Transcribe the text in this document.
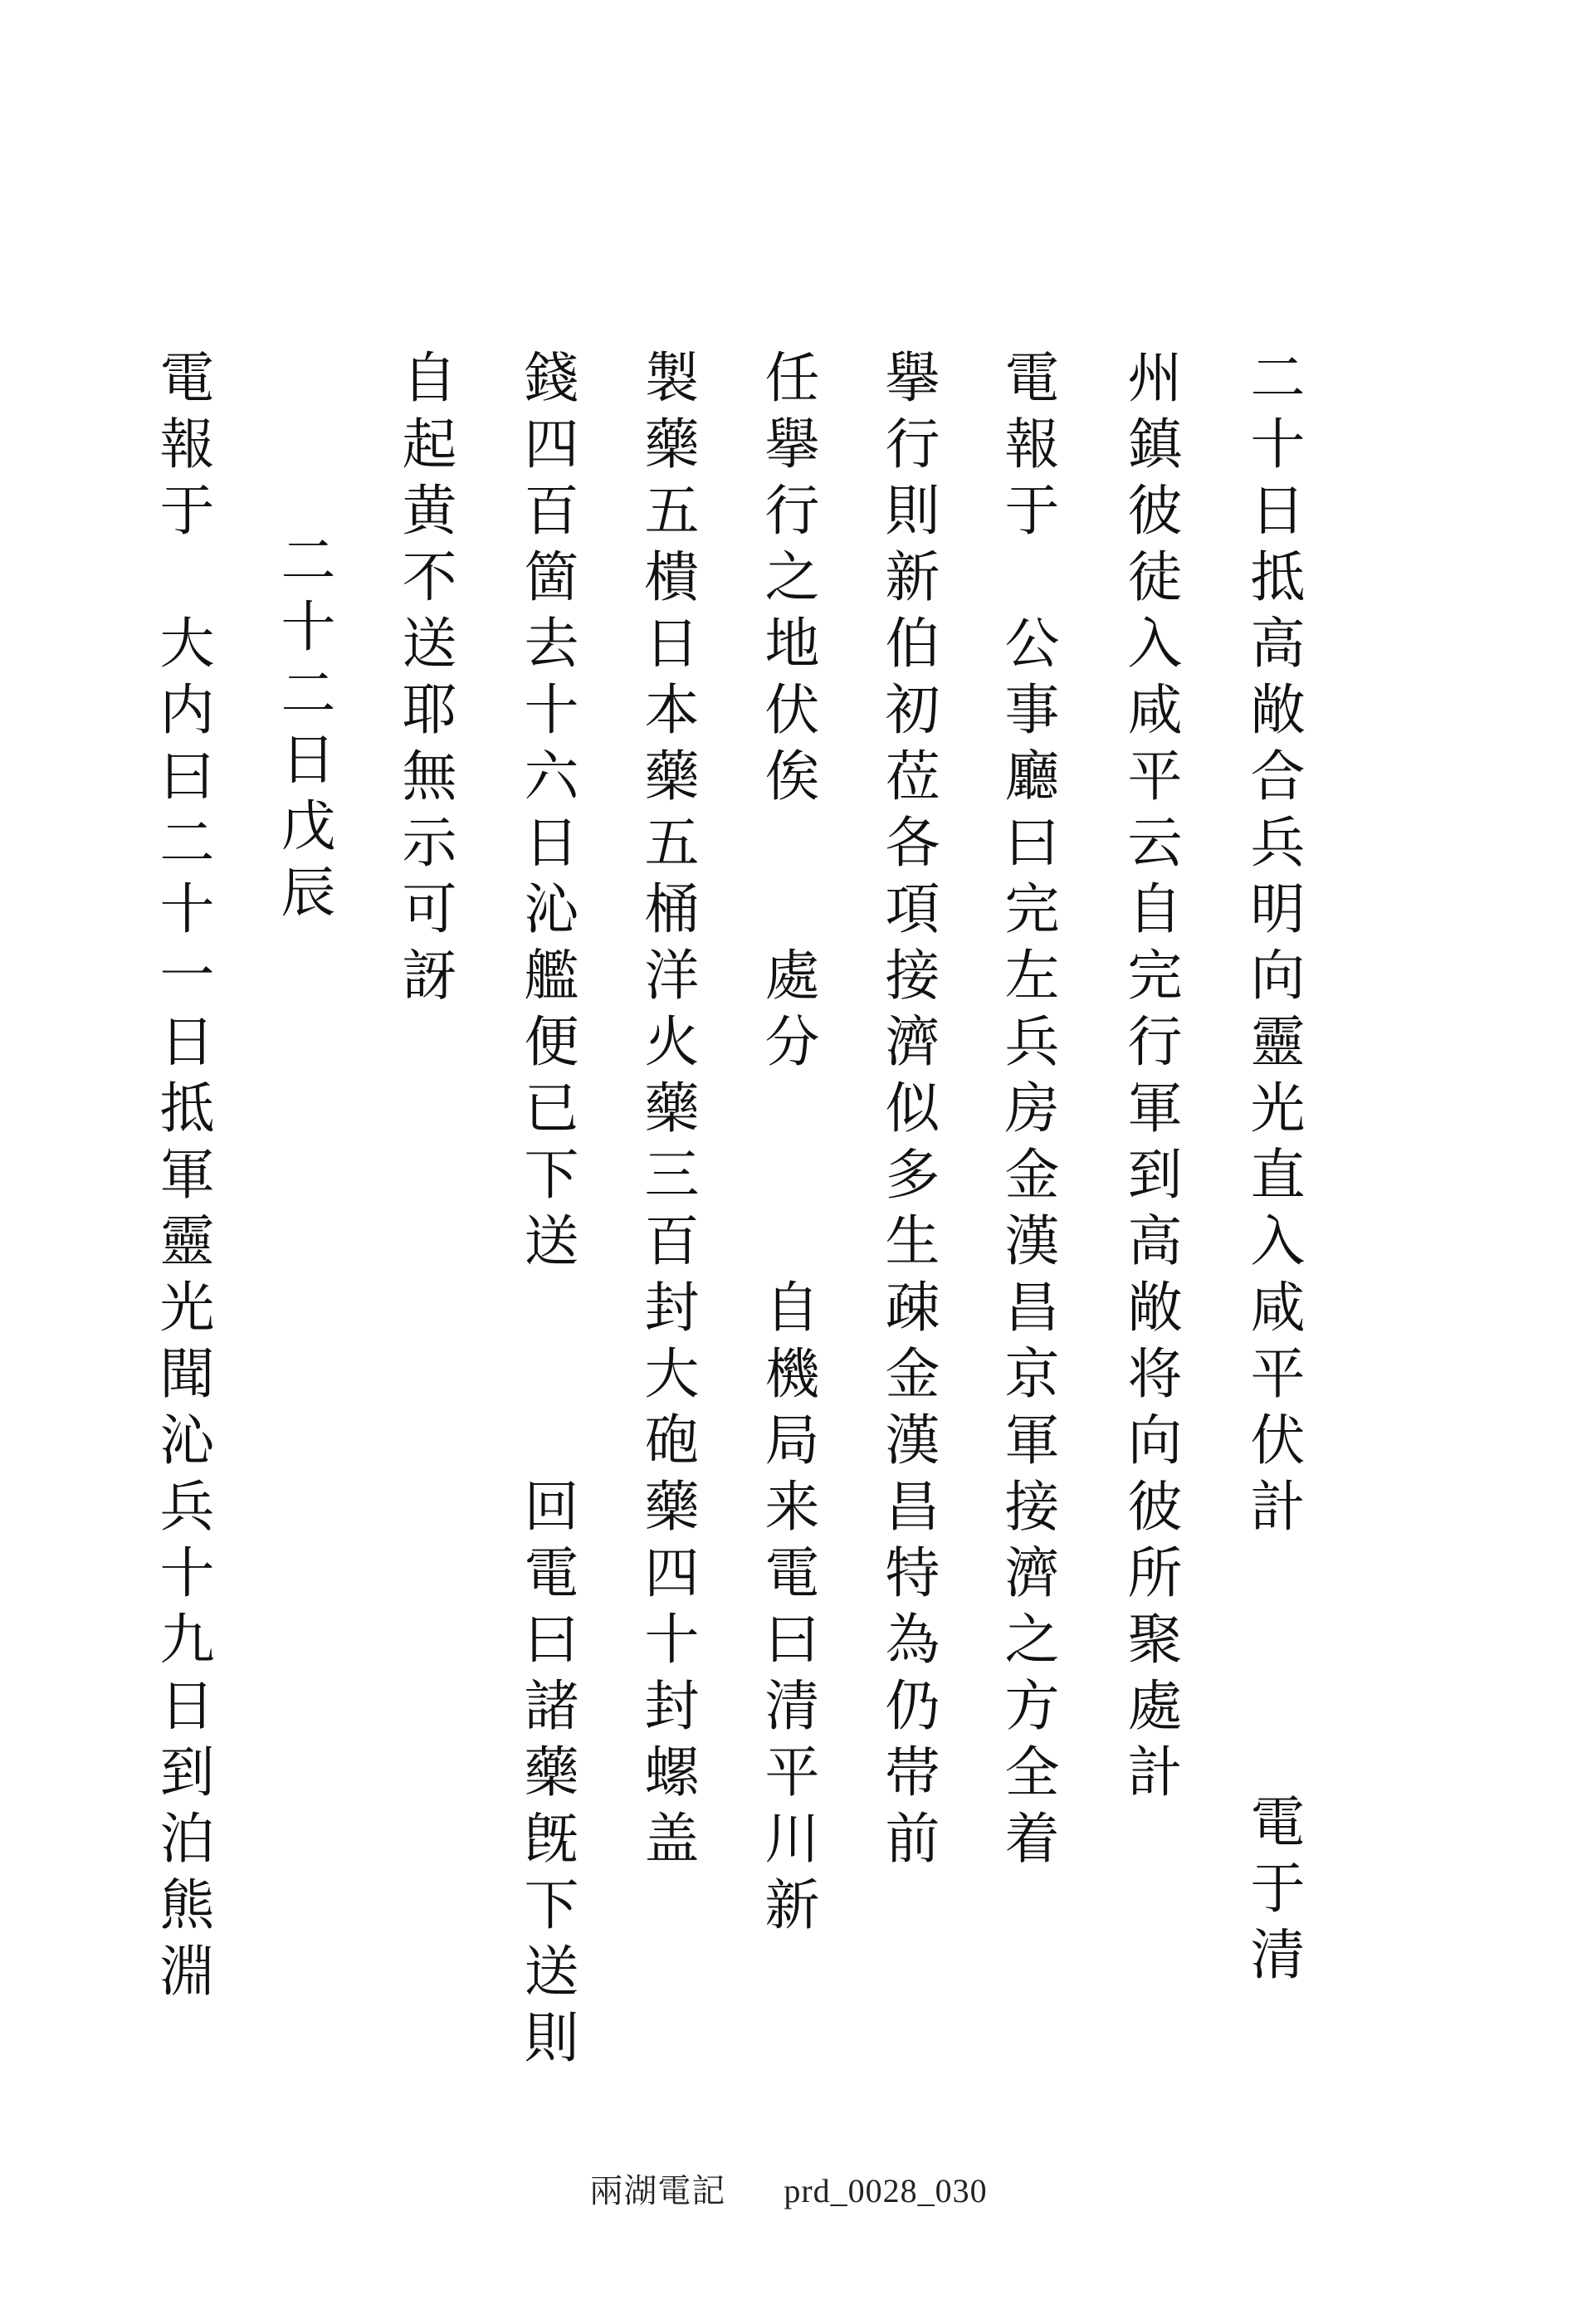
二十日抵高敞合兵明向靈光直入咸平伏計
電于清
州鎮彼徒入咸平云自完行軍到高敞将向彼所聚處計
電報于　公事廳曰完左兵房金漢昌京軍接濟之方全着
擧行則新伯初莅各項接濟似多生疎金漢昌特為仍帯前
任擧行之地伏俟　　處分　　　自機局来電曰清平川新
製藥五樻日本藥五桶洋火藥三百封大砲藥四十封螺盖
錢四百箇去十六日沁艦便已下送　　　回電曰諸藥旣下送則
自起黄不送耶無示可訝
二十二日戊辰
電報于　大内曰二十一日抵軍靈光聞沁兵十九日到泊熊淵
兩湖電記 prd_0028_030
